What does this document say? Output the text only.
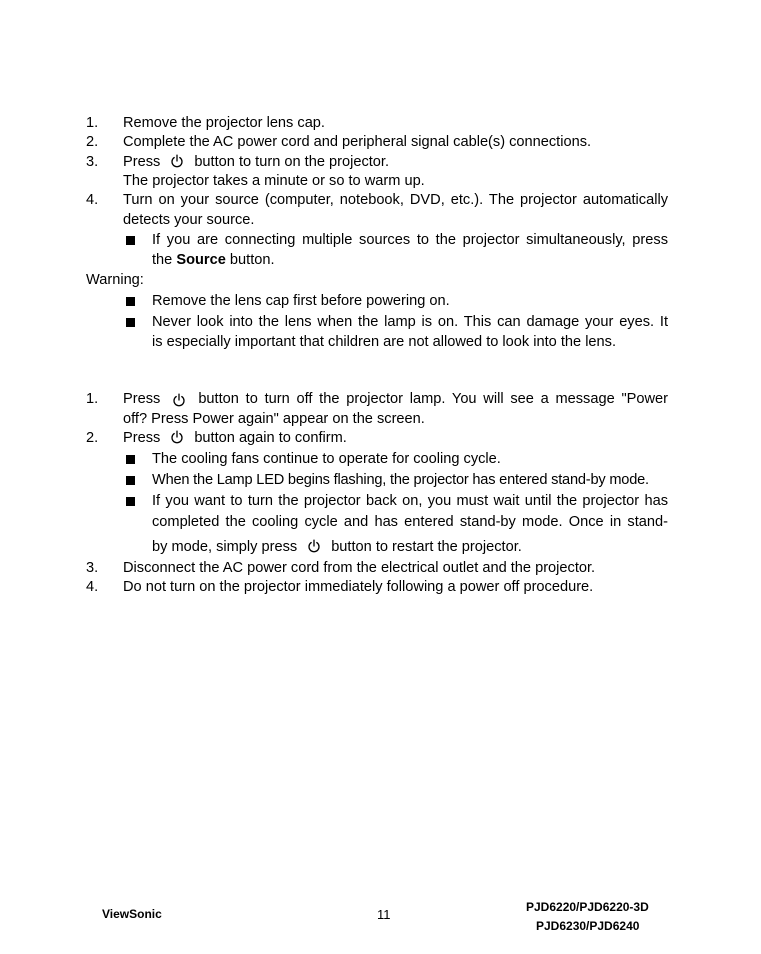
1. Remove the projector lens cap.
2. Complete the AC power cord and peripheral signal cable(s) connections.
3. Press button to turn on the projector.
The projector takes a minute or so to warm up.
4. Turn on your source (computer, notebook, DVD, etc.). The projector automatically
detects your source.
If you are connecting multiple sources to the projector simultaneously, press
the Source button.
Warning:
Remove the lens cap first before powering on.
Never look into the lens when the lamp is on. This can damage your eyes. It
is especially important that children are not allowed to look into the lens.
1. Press	button to turn off the projector lamp. You will see a message "Power
off? Press Power again" appear on the screen.
2. Press button again to confirm.
The cooling fans continue to operate for cooling cycle.
When the Lamp LED begins flashing, the projector has entered stand-by mode.
If you want to turn the projector back on, you must wait until the projector has
completed the cooling cycle and has entered stand-by mode. Once in stand-
by mode, simply press button to restart the projector.
3. Disconnect the AC power cord from the electrical outlet and the projector.
4. Do not turn on the projector immediately following a power off procedure.
ViewSonic	11	PJD6220/PJD6220-3D
PJD6230/PJD6240
